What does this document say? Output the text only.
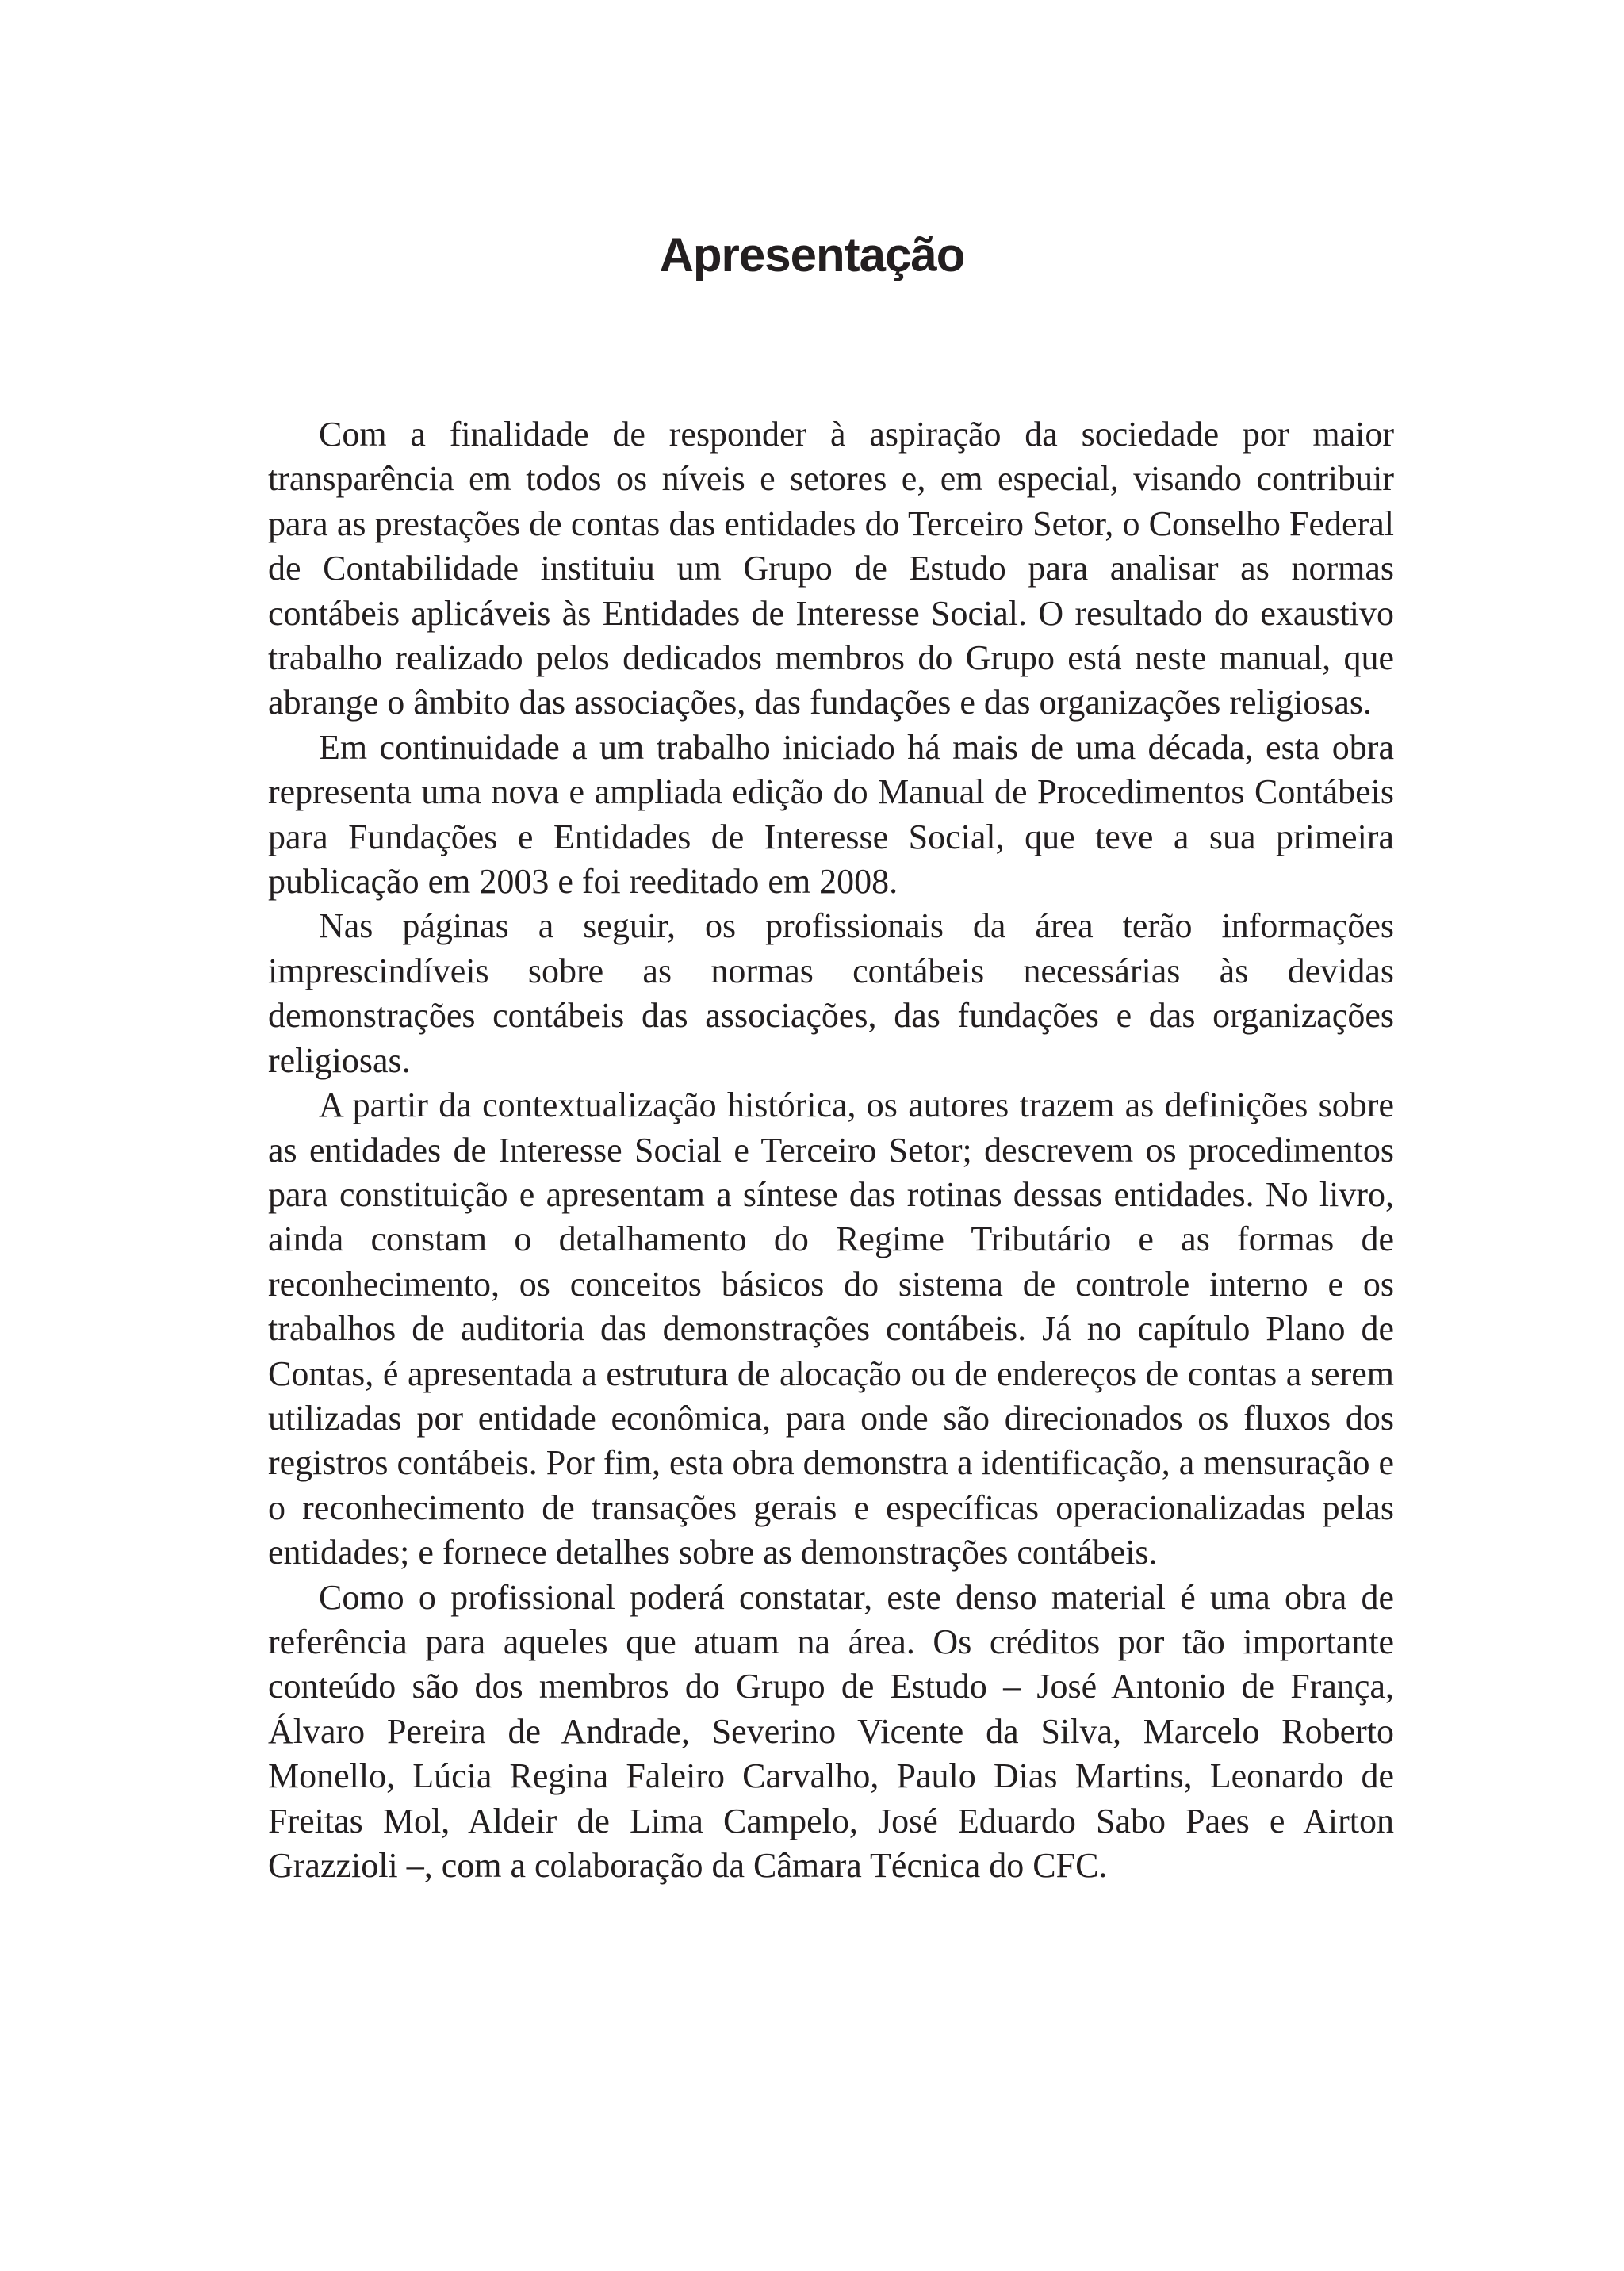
Apresentação

Com a finalidade de responder à aspiração da sociedade por maior transparência em todos os níveis e setores e, em especial, visando contribuir para as prestações de contas das entidades do Terceiro Setor, o Conselho Federal de Contabilidade instituiu um Grupo de Estudo para analisar as normas contábeis aplicáveis às Entidades de Interesse Social. O resultado do exaustivo trabalho realizado pelos dedicados membros do Grupo está neste manual, que abrange o âmbito das associações, das fundações e das organizações religiosas.

Em continuidade a um trabalho iniciado há mais de uma década, esta obra representa uma nova e ampliada edição do Manual de Procedimentos Contábeis para Fundações e Entidades de Interesse Social, que teve a sua primeira publicação em 2003 e foi reeditado em 2008.

Nas páginas a seguir, os profissionais da área terão informações imprescindíveis sobre as normas contábeis necessárias às devidas demonstrações contábeis das associações, das fundações e das organizações religiosas.

A partir da contextualização histórica, os autores trazem as definições sobre as entidades de Interesse Social e Terceiro Setor; descrevem os procedimentos para constituição e apresentam a síntese das rotinas dessas entidades. No livro, ainda constam o detalhamento do Regime Tributário e as formas de reconhecimento, os conceitos básicos do sistema de controle interno e os trabalhos de auditoria das demonstrações contábeis. Já no capítulo Plano de Contas, é apresentada a estrutura de alocação ou de endereços de contas a serem utilizadas por entidade econômica, para onde são direcionados os fluxos dos registros contábeis. Por fim, esta obra demonstra a identificação, a mensuração e o reconhecimento de transações gerais e específicas operacionalizadas pelas entidades; e fornece detalhes sobre as demonstrações contábeis.

Como o profissional poderá constatar, este denso material é uma obra de referência para aqueles que atuam na área. Os créditos por tão importante conteúdo são dos membros do Grupo de Estudo – José Antonio de França, Álvaro Pereira de Andrade, Severino Vicente da Silva, Marcelo Roberto Monello, Lúcia Regina Faleiro Carvalho, Paulo Dias Martins, Leonardo de Freitas Mol, Aldeir de Lima Campelo, José Eduardo Sabo Paes e Airton Grazzioli –, com a colaboração da Câmara Técnica do CFC.
